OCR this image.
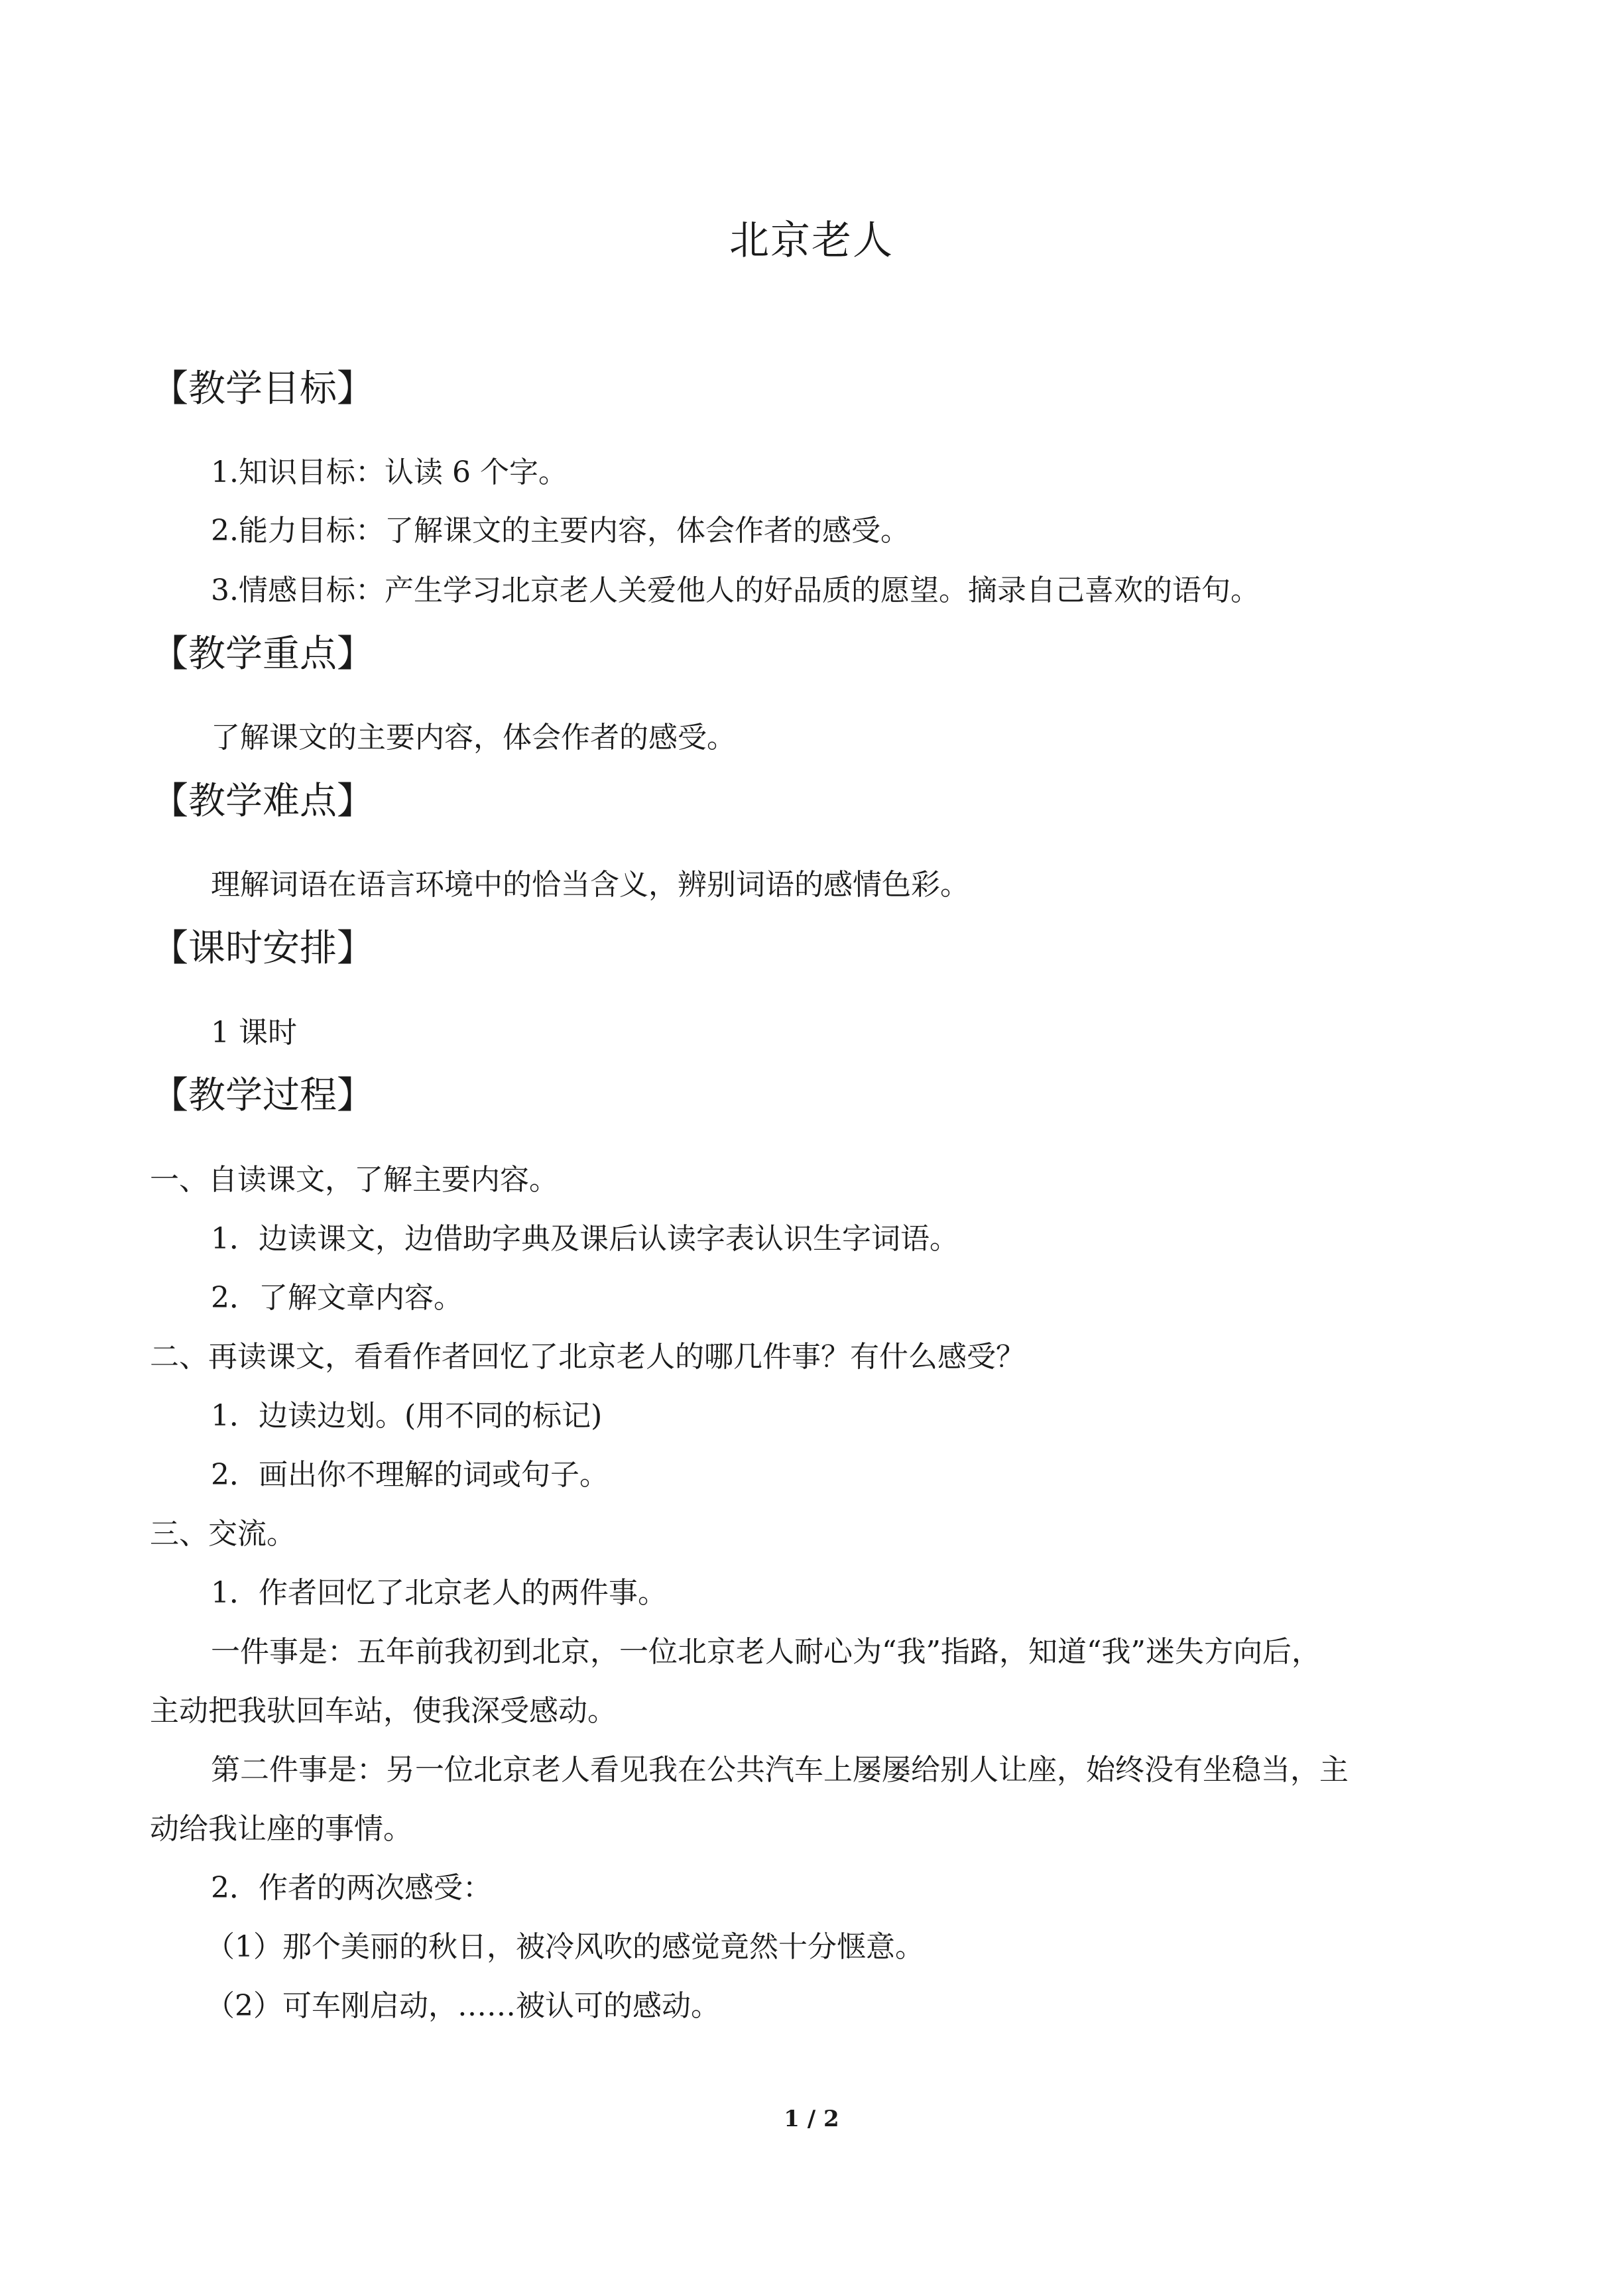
北京老人
【教学目标】
1.知识目标：认读 6 个字。
2.能力目标：了解课文的主要内容，体会作者的感受。
3.情感目标：产生学习北京老人关爱他人的好品质的愿望。摘录自己喜欢的语句。
【教学重点】
了解课文的主要内容，体会作者的感受。
【教学难点】
理解词语在语言环境中的恰当含义，辨别词语的感情色彩。
【课时安排】
1 课时
【教学过程】
一、自读课文，了解主要内容。
1．边读课文，边借助字典及课后认读字表认识生字词语。
2．了解文章内容。
二、再读课文，看看作者回忆了北京老人的哪几件事？有什么感受？
1．边读边划。(用不同的标记)
2．画出你不理解的词或句子。
三、交流。
1．作者回忆了北京老人的两件事。
一件事是：五年前我初到北京，一位北京老人耐心为“我”指路，知道“我”迷失方向后，
主动把我驮回车站，使我深受感动。
第二件事是：另一位北京老人看见我在公共汽车上屡屡给别人让座，始终没有坐稳当，主
动给我让座的事情。
2．作者的两次感受：
（1）那个美丽的秋日，被冷风吹的感觉竟然十分惬意。
（2）可车刚启动，……被认可的感动。
1 / 2
